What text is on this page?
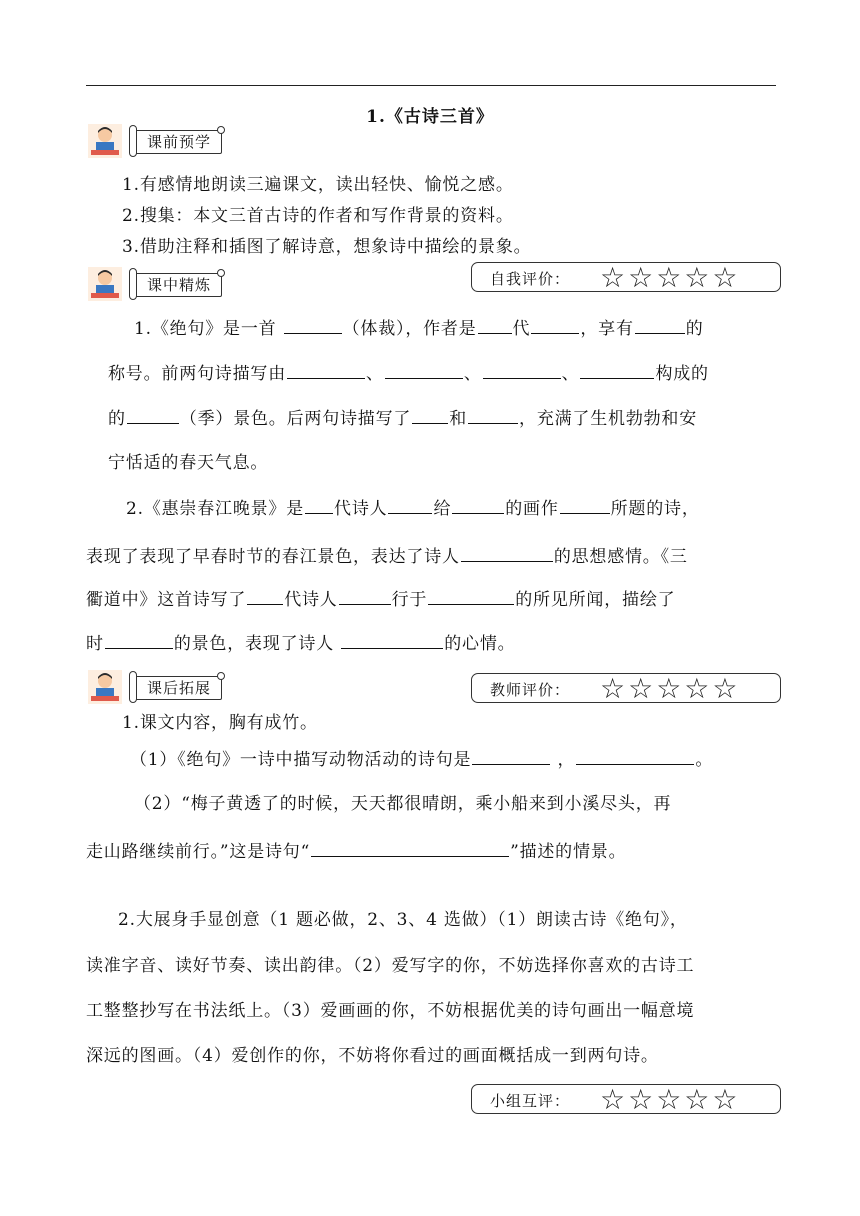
1.《古诗三首》
课前预学
1.有感情地朗读三遍课文，读出轻快、愉悦之感。
2.搜集：本文三首古诗的作者和写作背景的资料。
3.借助注释和插图了解诗意，想象诗中描绘的景象。
课中精炼	自我评价： ☆☆☆☆☆
1.《绝句》是一首	（体裁），作者是 代	，享有	的
称号。前两句诗描写由	、	、	、	构成的
的	（季）景色。后两句诗描写了 和	，充满了生机勃勃和安
宁恬适的春天气息。
2.《惠崇春江晚景》是 代诗人	给	的画作	所题的诗，
表现了表现了早春时节的春江景色，表达了诗人	的思想感情。《三
衢道中》这首诗写了 代诗人	行于	的所见所闻，描绘了
时	的景色，表现了诗人	的心情。
课后拓展	教师评价： ☆☆☆☆☆
1.课文内容，胸有成竹。
（1）《绝句》一诗中描写动物活动的诗句是	，	。
（2）“梅子黄透了的时候，天天都很晴朗，乘小船来到小溪尽头，再
走山路继续前行。”这是诗句“	”描述的情景。
2.大展身手显创意（1 题必做，2、3、4 选做）（1）朗读古诗《绝句》，
读准字音、读好节奏、读出韵律。（2）爱写字的你，不妨选择你喜欢的古诗工
工整整抄写在书法纸上。（3）爱画画的你，不妨根据优美的诗句画出一幅意境
深远的图画。（4）爱创作的你，不妨将你看过的画面概括成一到两句诗。
小组互评： ☆☆☆☆☆
